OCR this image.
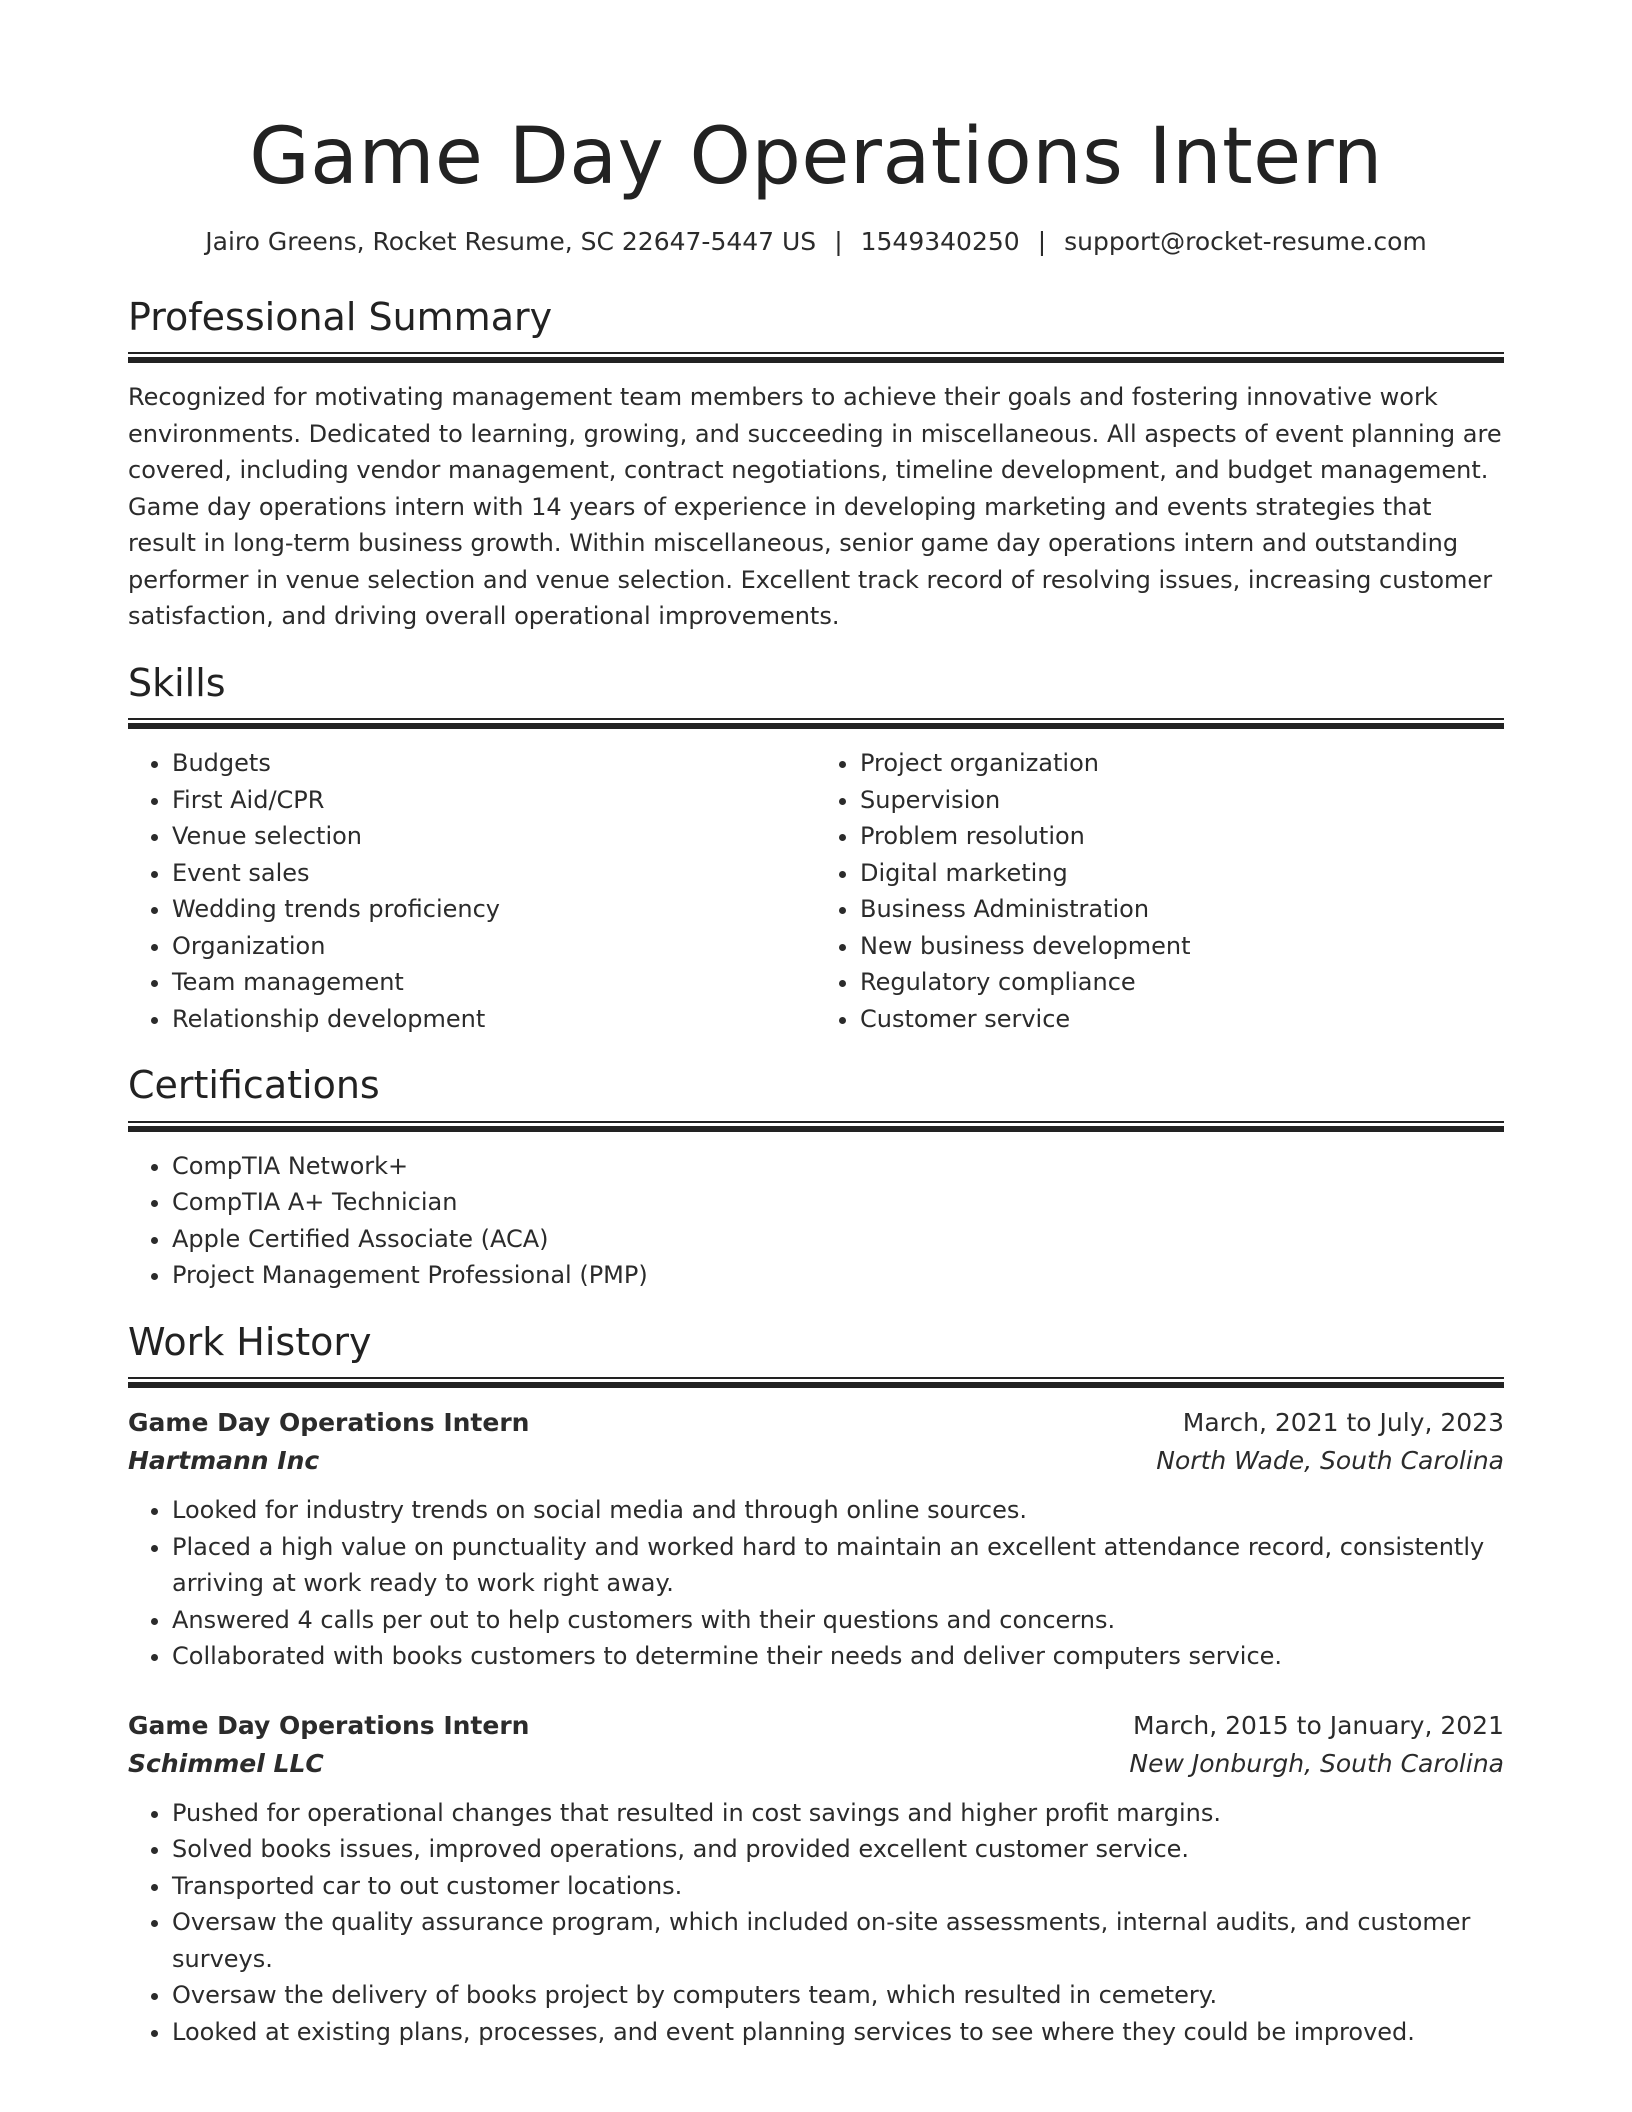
Game Day Operations Intern
Jairo Greens, Rocket Resume, SC 22647-5447 US | 1549340250 | support@rocket-resume.com
Professional Summary

Recognized for motivating management team members to achieve their goals and fostering innovative work environments. Dedicated to learning, growing, and succeeding in miscellaneous. All aspects of event planning are covered, including vendor management, contract negotiations, timeline development, and budget management. Game day operations intern with 14 years of experience in developing marketing and events strategies that result in long-term business growth. Within miscellaneous, senior game day operations intern and outstanding performer in venue selection and venue selection. Excellent track record of resolving issues, increasing customer satisfaction, and driving overall operational improvements.

Skills
• Budgets
• First Aid/CPR
• Venue selection
• Event sales
• Wedding trends proficiency
• Organization
• Team management
• Relationship development
• Project organization
• Supervision
• Problem resolution
• Digital marketing
• Business Administration
• New business development
• Regulatory compliance
• Customer service
Certifications
• CompTIA Network+
• CompTIA A+ Technician
• Apple Certified Associate (ACA)
• Project Management Professional (PMP)
Work History
Game Day Operations Intern	March, 2021 to July, 2023
Hartmann Inc	North Wade, South Carolina
• Looked for industry trends on social media and through online sources.
• Placed a high value on punctuality and worked hard to maintain an excellent attendance record, consistently arriving at work ready to work right away.
• Answered 4 calls per out to help customers with their questions and concerns.
• Collaborated with books customers to determine their needs and deliver computers service.
Game Day Operations Intern	March, 2015 to January, 2021
Schimmel LLC	New Jonburgh, South Carolina
• Pushed for operational changes that resulted in cost savings and higher profit margins.
• Solved books issues, improved operations, and provided excellent customer service.
• Transported car to out customer locations.
• Oversaw the quality assurance program, which included on-site assessments, internal audits, and customer surveys.
• Oversaw the delivery of books project by computers team, which resulted in cemetery.
• Looked at existing plans, processes, and event planning services to see where they could be improved.
